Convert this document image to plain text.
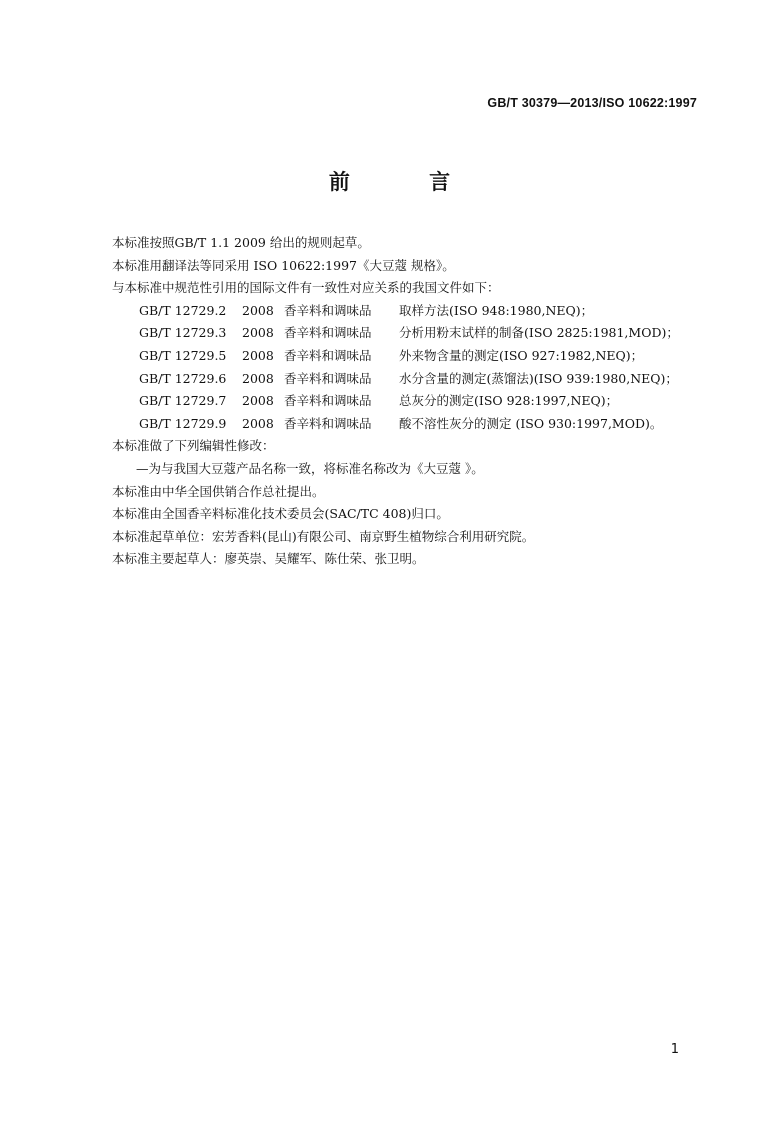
GB/T 30379—2013/ISO 10622:1997
前 言
本标准按照GB/T 1.1 2009 给出的规则起草。
本标准用翻译法等同采用 ISO 10622:1997《大豆蔻 规格》。
与本标准中规范性引用的国际文件有一致性对应关系的我国文件如下：
GB/T 12729.2	2008 香辛料和调味品	取样方法(ISO 948:1980,NEQ)；
GB/T 12729.3	2008 香辛料和调味品	分析用粉末试样的制备(ISO 2825:1981,MOD)；
GB/T 12729.5	2008 香辛料和调味品	外来物含量的测定(ISO 927:1982,NEQ)；
GB/T 12729.6	2008 香辛料和调味品	水分含量的测定(蒸馏法)(ISO 939:1980,NEQ)；
GB/T 12729.7	2008 香辛料和调味品	总灰分的测定(ISO 928:1997,NEQ)；
GB/T 12729.9	2008 香辛料和调味品	酸不溶性灰分的测定 (ISO 930:1997,MOD)。
本标准做了下列编辑性修改：
—为与我国大豆蔻产品名称一致，将标准名称改为《大豆蔻 》。
本标准由中华全国供销合作总社提出。
本标准由全国香辛料标准化技术委员会(SAC/TC 408)归口。
本标准起草单位：宏芳香料(昆山)有限公司、南京野生植物综合利用研究院。
本标准主要起草人：廖英崇、吴耀军、陈仕荣、张卫明。
1
